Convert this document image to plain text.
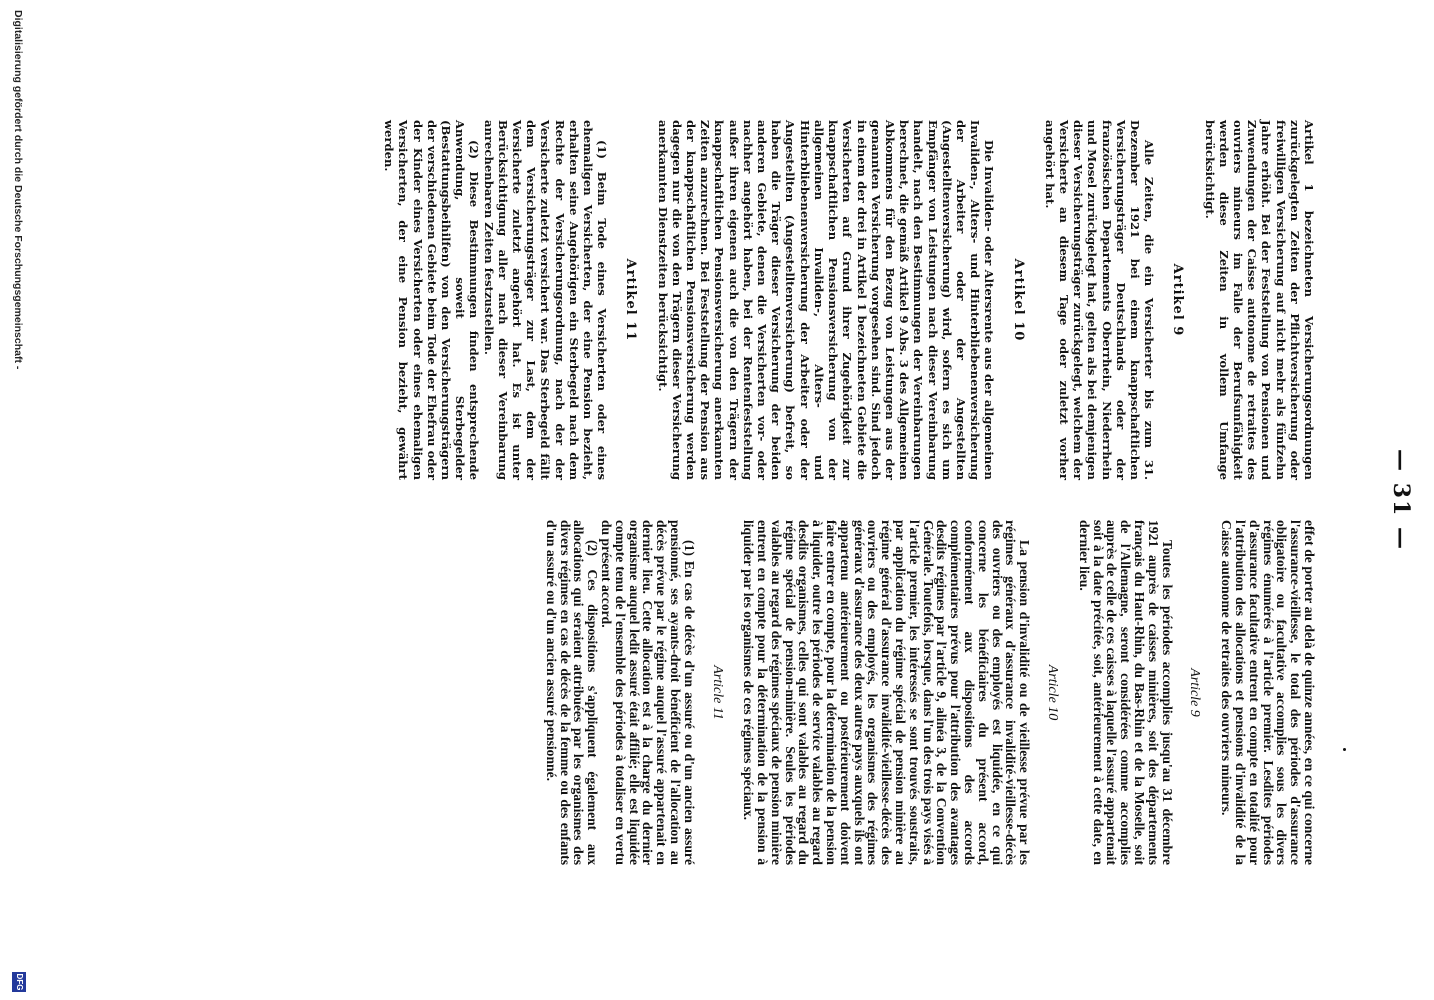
— 31 —

Artikel 1 bezeichneten Versicherungsordnungen zurückgelegten Zeiten der Pflichtversicherung oder freiwilligen Versicherung auf nicht mehr als fünfzehn Jahre erhöht. Bei der Feststellung von Pensionen und Zuwendungen der Caisse autonome de retraites des ouvriers mineurs im Falle der Berufsunfähigkeit werden diese Zeiten in vollem Umfange berücksichtigt.

Artikel 9

Alle Zeiten, die ein Versicherter bis zum 31. Dezember 1921 bei einem knappschaftlichen Versicherungsträger Deutschlands oder der französischen Departements Oberrhein, Niederrhein und Mosel zurückgelegt hat, gelten als bei demjenigen dieser Versicherungsträger zurückgelegt, welchem der Versicherte an diesem Tage oder zuletzt vorher angehört hat.

Artikel 10

Die Invaliden- oder Altersrente aus der allgemeinen Invaliden-, Alters- und Hinterbliebenenversicherung der Arbeiter oder der Angestellten (Angestelltenversicherung) wird, sofern es sich um Empfänger von Leistungen nach dieser Vereinbarung handelt, nach den Bestimmungen der Vereinbarungen berechnet, die gemäß Artikel 9 Abs. 3 des Allgemeinen Abkommens für den Bezug von Leistungen aus der genannten Versicherung vorgesehen sind. Sind jedoch in einem der drei in Artikel 1 bezeichneten Gebiete die Versicherten auf Grund ihrer Zugehörigkeit zur knappschaftlichen Pensionsversicherung von der allgemeinen Invaliden-, Alters- und Hinterbliebenenversicherung der Arbeiter oder der Angestellten (Angestelltenversicherung) befreit, so haben die Träger dieser Versicherung der beiden anderen Gebiete, denen die Versicherten vor- oder nachher angehört haben, bei der Rentenfeststellung außer ihren eigenen auch die von den Trägern der knappschaftlichen Pensionsversicherung anerkannten Zeiten anzurechnen. Bei Feststellung der Pension aus der knappschaftlichen Pensionsversicherung werden dagegen nur die von den Trägern dieser Versicherung anerkannten Dienstzeiten berücksichtigt.

Artikel 11

(1) Beim Tode eines Versicherten oder eines ehemaligen Versicherten, der eine Pension bezieht, erhalten seine Angehörigen ein Sterbegeld nach dem Rechte der Versicherungsordnung, nach der der Versicherte zuletzt versichert war. Das Sterbegeld fällt dem Versicherungsträger zur Last, dem der Versicherte zuletzt angehört hat. Es ist unter Berücksichtigung aller nach dieser Vereinbarung anrechenbaren Zeiten festzustellen.

(2) Diese Bestimmungen finden entsprechende Anwendung, soweit Sterbegelder (Bestattungsbeihilfen) von den Versicherungsträgern der verschiedenen Gebiete beim Tode der Ehefrau oder der Kinder eines Versicherten oder eines ehemaligen Versicherten, der eine Pension bezieht, gewährt werden.

effet de porter au delà de quinze années, en ce qui concerne l'assurance-vieillesse, le total des périodes d'assurance obligatoire ou facultative accomplies sous les divers régimes énumérés à l'article premier. Lesdites périodes d'assurance facultative entrent en compte en totalité pour l'attribution des allocations et pensions d'invalidité de la Caisse autonome de retraites des ouvriers mineurs.

Article 9

Toutes les périodes accomplies jusqu'au 31 décembre 1921 auprès de caisses minières, soit des départements français du Haut-Rhin, du Bas-Rhin et de la Moselle, soit de l'Allemagne, seront considérées comme accomplies auprès de celle de ces caisses à laquelle l'assuré appartenait soit à la date précitée, soit, antérieurement à cette date, en dernier lieu.

Article 10

La pension d'invalidité ou de vieillesse prévue par les régimes généraux d'assurance invalidité-vieillesse-décès des ouvriers ou des employés est liquidée, en ce qui concerne les bénéficiaires du présent accord, conformément aux dispositions des accords complémentaires prévus pour l'attribution des avantages desdits régimes par l'article 9, alinéa 3, de la Convention Générale. Toutefois, lorsque, dans l'un des trois pays visés à l'article premier, les intéressés se sont trouvés soustraits, par application du régime spécial de pension minière au régime général d'assurance invalidité-vieillesse-décès des ouvriers ou des employés, les organismes des régimes généraux d'assurance des deux autres pays auxquels ils ont appartenu antérieurement ou postérieurement doivent faire entrer en compte, pour la détermination de la pension à liquider, outre les périodes de service valables au regard desdits organismes, celles qui sont valables au regard du régime spécial de pension-minière. Seules les périodes valables au regard des régimes spéciaux de pension minière entrent en compte pour la détermination de la pension à liquider par les organismes de ces régimes spéciaux.

Article 11

(1) En cas de décès d'un assuré ou d'un ancien assuré pensionné, ses ayants-droit bénéficient de l'allocation au décès prévue par le régime auquel l'assuré appartenait en dernier lieu. Cette allocation est à la charge du dernier organisme auquel ledit assuré était affilié; elle est liquidée compte tenu de l'ensemble des périodes à totaliser en vertu du présent accord.

(2) Ces dispositions s'appliquent également aux allocations qui seraient attribuées par les organismes des divers régimes en cas de décès de la femme ou des enfants d'un assuré ou d'un ancien assuré pensionné.

Digitalisierung gefördert durch die Deutsche Forschungsgemeinschaft -
DFG
